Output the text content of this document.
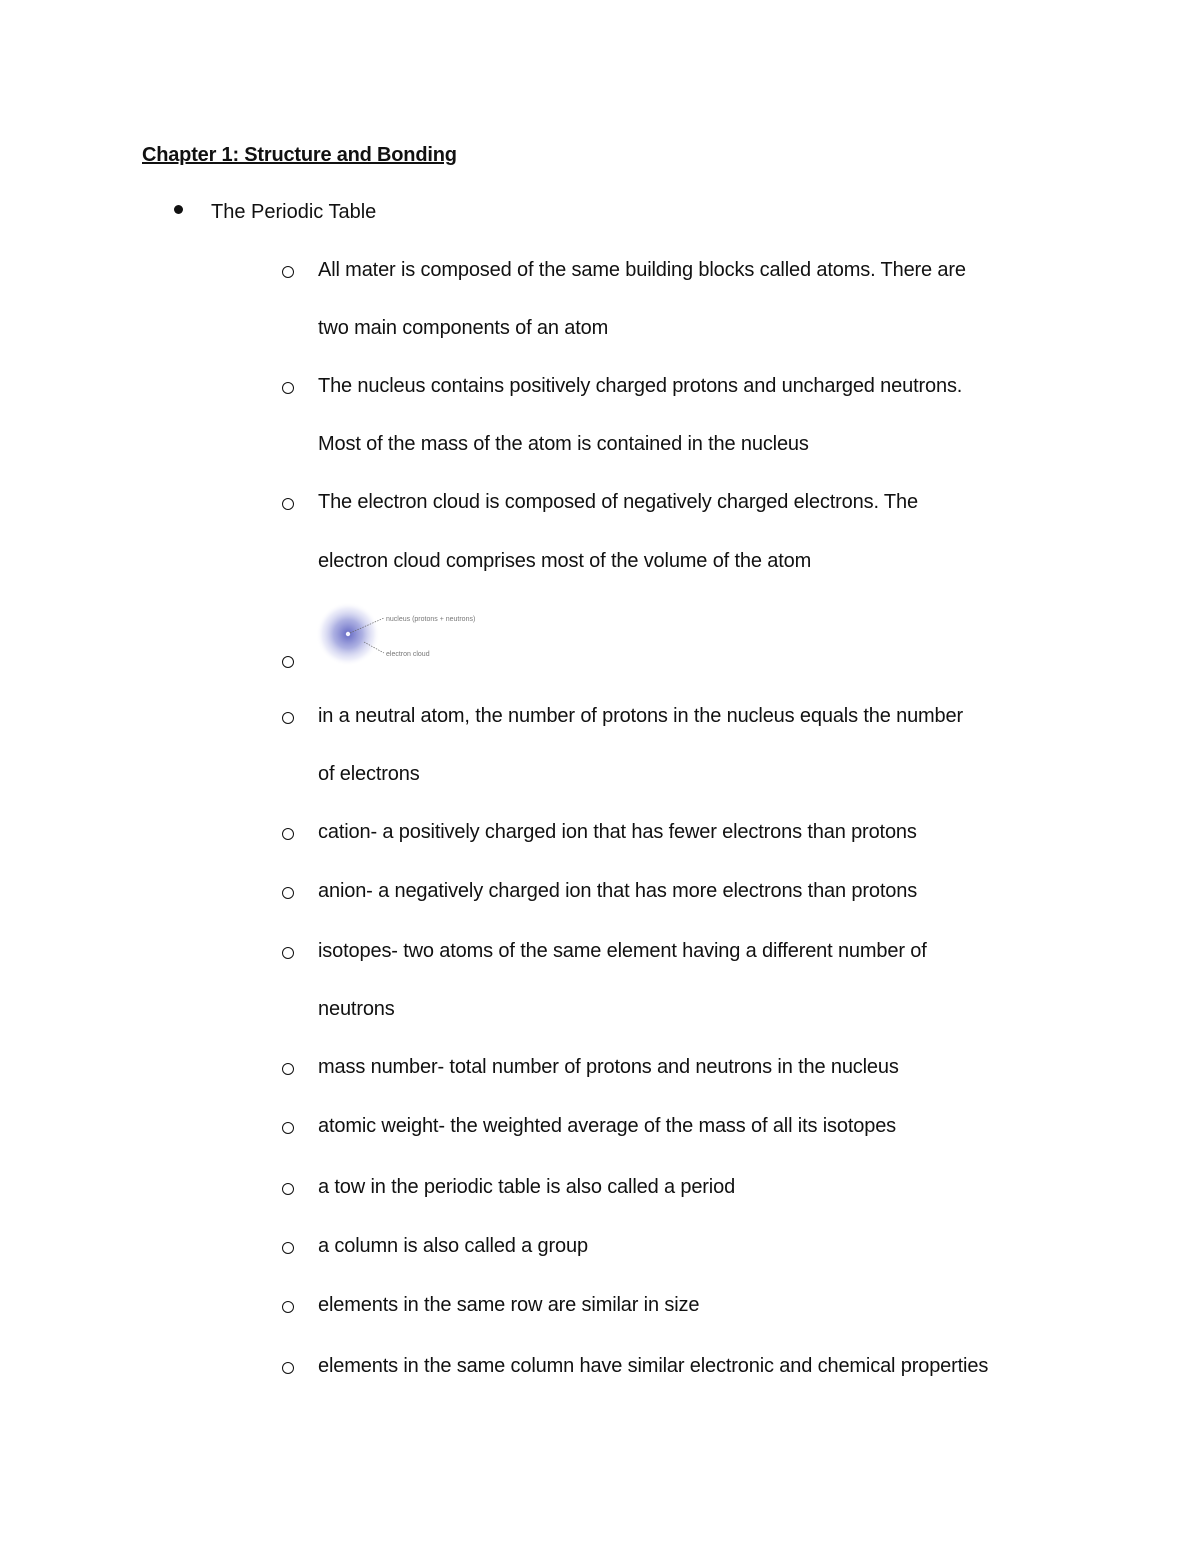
Chapter 1: Structure and Bonding
The Periodic Table
All mater is composed of the same building blocks called atoms. There are
two main components of an atom
The nucleus contains positively charged protons and uncharged neutrons.
Most of the mass of the atom is contained in the nucleus
The electron cloud is composed of negatively charged electrons. The
electron cloud comprises most of the volume of the atom
nucleus (protons + neutrons)
electron cloud
in a neutral atom, the number of protons in the nucleus equals the number
of electrons
cation- a positively charged ion that has fewer electrons than protons
anion- a negatively charged ion that has more electrons than protons
isotopes- two atoms of the same element having a different number of
neutrons
mass number- total number of protons and neutrons in the nucleus
atomic weight- the weighted average of the mass of all its isotopes
a tow in the periodic table is also called a period
a column is also called a group
elements in the same row are similar in size
elements in the same column have similar electronic and chemical properties
